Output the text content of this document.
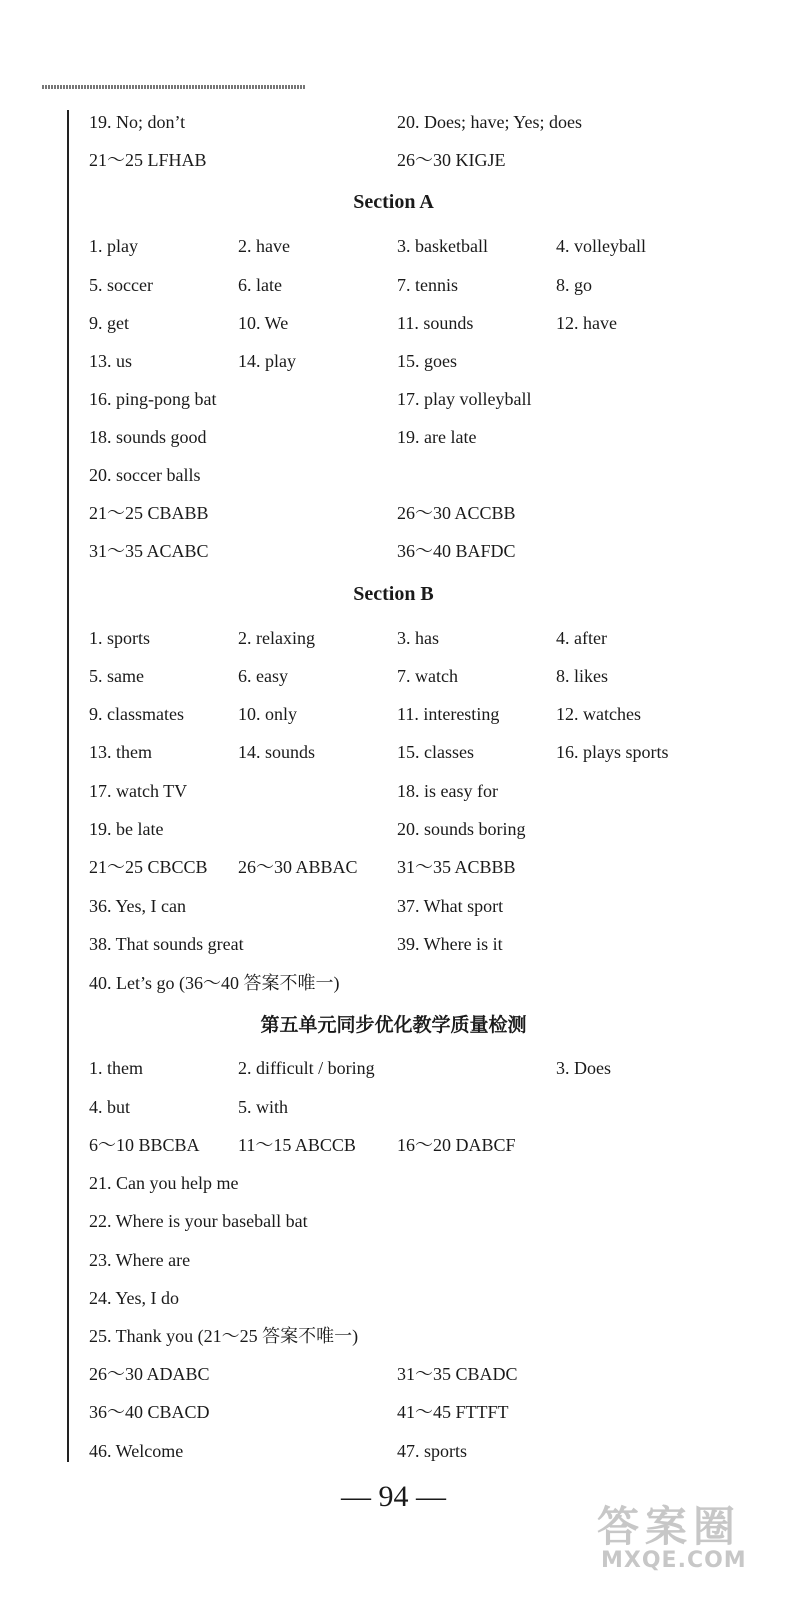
19. No; don’t	20. Does; have; Yes; does
21～25 LFHAB	26～30 KIGJE
Section A
1. play	2. have	3. basketball	4. volleyball
5. soccer	6. late	7. tennis	8. go
9. get	10. We	11. sounds	12. have
13. us	14. play	15. goes
16. ping-pong bat	17. play volleyball
18. sounds good	19. are late
20. soccer balls
21～25 CBABB	26～30 ACCBB
31～35 ACABC	36～40 BAFDC
Section B
1. sports	2. relaxing	3. has	4. after
5. same	6. easy	7. watch	8. likes
9. classmates	10. only	11. interesting	12. watches
13. them	14. sounds	15. classes	16. plays sports
17. watch TV	18. is easy for
19. be late	20. sounds boring
21～25 CBCCB 26～30 ABBAC 31～35 ACBBB
36. Yes, I can	37. What sport
38. That sounds great	39. Where is it
40. Let’s go (36～40 答案不唯一)
第五单元同步优化教学质量检测
1. them	2. difficult / boring	3. Does
4. but	5. with
6～10 BBCBA 11～15 ABCCB 16～20 DABCF
21. Can you help me
22. Where is your baseball bat
23. Where are
24. Yes, I do
25. Thank you (21～25 答案不唯一)
26～30 ADABC	31～35 CBADC
36～40 CBACD	41～45 FTTFT
46. Welcome	47. sports
— 94 —
答案圈
MXQE.COM
